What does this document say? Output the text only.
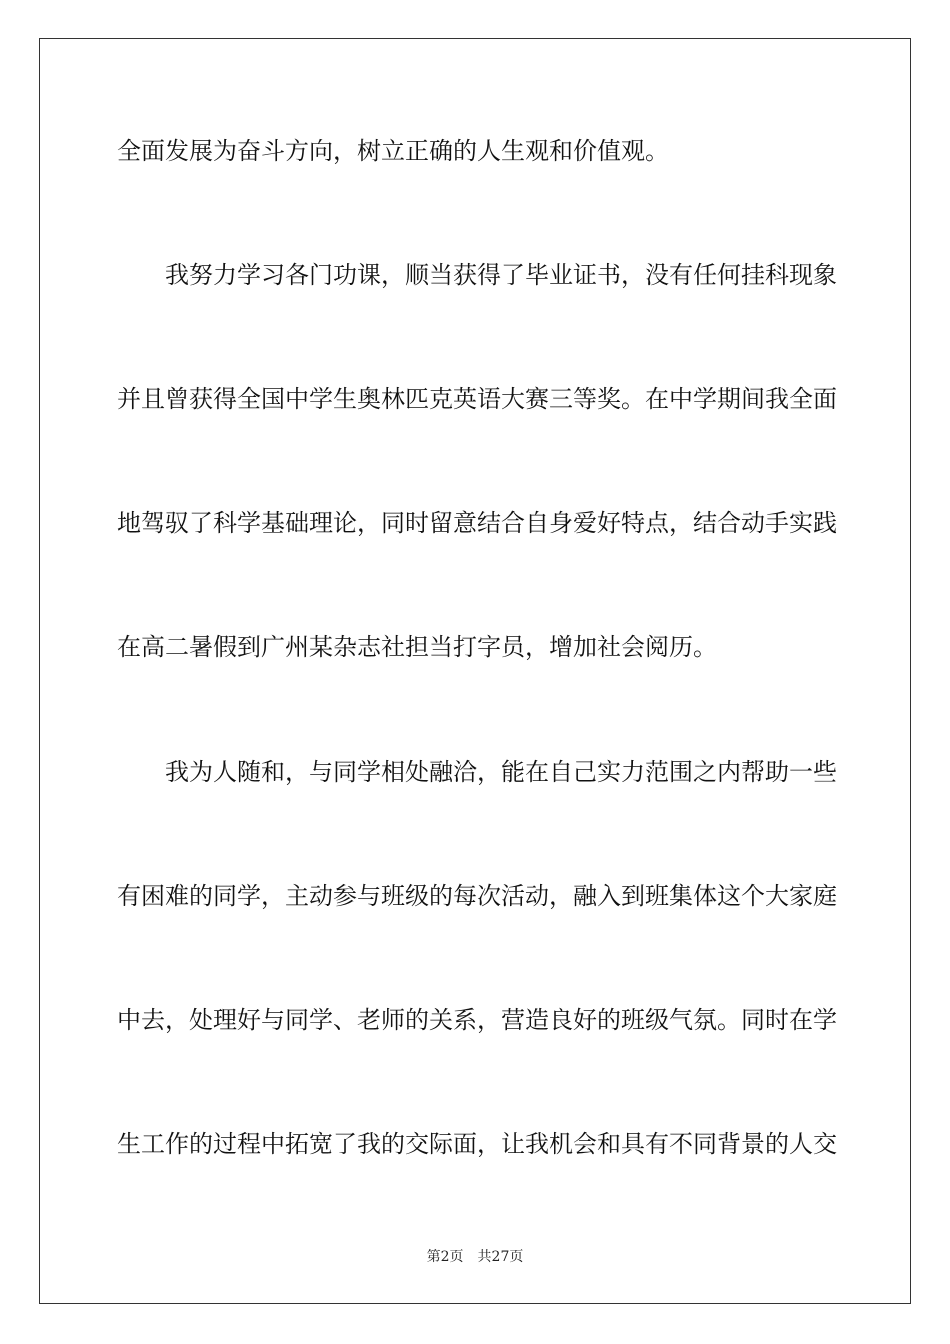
全面发展为奋斗方向，树立正确的人生观和价值观。
我努力学习各门功课，顺当获得了毕业证书，没有任何挂科现象
并且曾获得全国中学生奥林匹克英语大赛三等奖。在中学期间我全面
地驾驭了科学基础理论，同时留意结合自身爱好特点，结合动手实践
在高二暑假到广州某杂志社担当打字员，增加社会阅历。
我为人随和，与同学相处融洽，能在自己实力范围之内帮助一些
有困难的同学，主动参与班级的每次活动，融入到班集体这个大家庭
中去，处理好与同学、老师的关系，营造良好的班级气氛。同时在学
生工作的过程中拓宽了我的交际面，让我机会和具有不同背景的人交
第2页 共27页
